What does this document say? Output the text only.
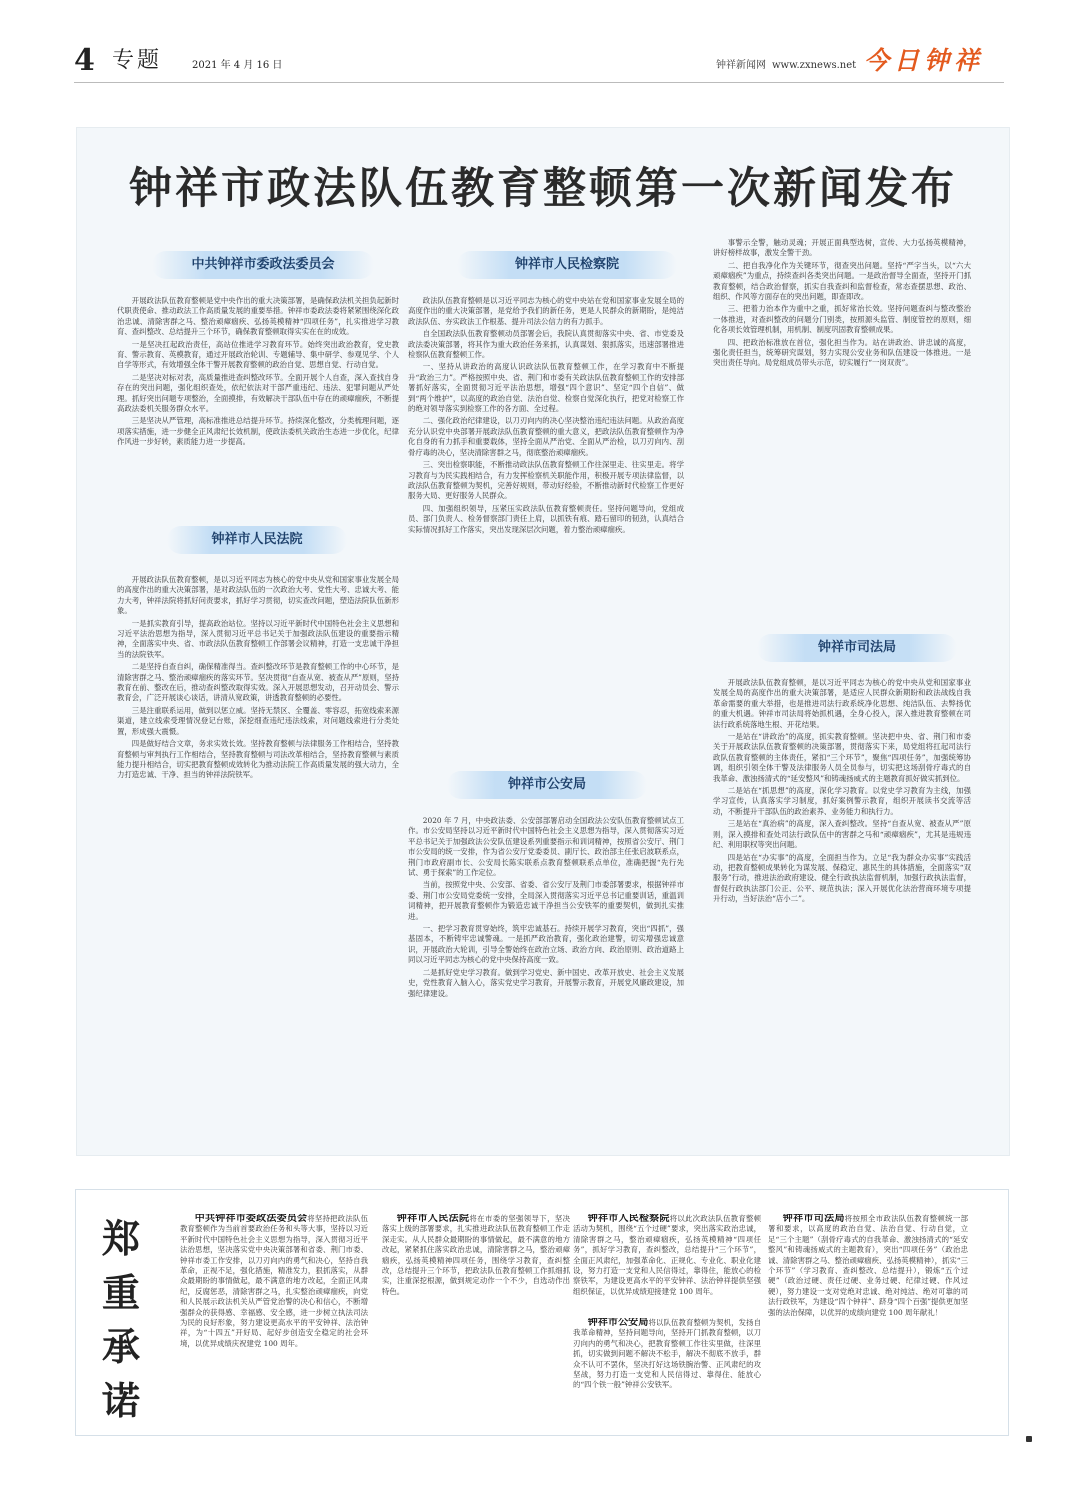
4 专题	2021 年 4 月 16 日	钟祥新闻网 www.zxnews.net 今日钟祥
钟祥市政法队伍教育整顿第一次新闻发布
中共钟祥市委政法委员会

开展政法队伍教育整顿是党中央作出的重大决策部署，是确保政法机关担负起新时代职责使命、推动政法工作高质量发展的重要举措。钟祥市委政法委将紧紧围绕深化政治忠诚、清除害群之马、整治顽瘴痼疾、弘扬英模精神“四项任务”，扎实推进学习教育、查纠整改、总结提升三个环节，确保教育整顿取得实实在在的成效。

一是坚决扛起政治责任，高站位推进学习教育环节。始终突出政治教育，党史教育、警示教育、英模教育，通过开展政治轮训、专题辅导、集中研学、参观见学、个人自学等形式，有效增强全体干警开展教育整顿的政治自觉、思想自觉、行动自觉。

二是坚决对标对表，高质量推进查纠整改环节。全面开展个人自查，深入查找自身存在的突出问题，强化组织查处，依纪依法对干部严重违纪、违法、犯罪问题从严处理。抓好突出问题专项整治，全面摸排，有效解决干部队伍中存在的顽瘴痼疾，不断提高政法委机关服务群众水平。

三是坚决从严管理，高标准推进总结提升环节。持续深化整改，分类梳理问题，逐项落实措施，进一步健全正风肃纪长效机制，使政法委机关政治生态进一步优化，纪律作风进一步好转，素质能力进一步提高。

钟祥市人民法院

开展政法队伍教育整顿，是以习近平同志为核心的党中央从党和国家事业发展全局的高度作出的重大决策部署，是对政法队伍的一次政治大考、党性大考、忠诚大考、能力大考，钟祥法院将抓好问责要求，抓好学习贯彻，切实查改问题，塑造法院队伍新形象。

一是抓实教育引导，提高政治站位。坚持以习近平新时代中国特色社会主义思想和习近平法治思想为指导，深入贯彻习近平总书记关于加强政法队伍建设的重要指示精神，全面落实中央、省、市政法队伍教育整顿工作部署会议精神，打造一支忠诚干净担当的法院铁军。

二是坚持自查自纠，确保精准得当。查纠整改环节是教育整顿工作的中心环节，是清除害群之马、整治顽瘴痼疾的落实环节。坚决贯彻“自查从宽、被查从严”原则，坚持教育在前、整改在后，推动查纠整改取得实效。深入开展思想发动，召开动员会、警示教育会，广泛开展谈心谈话，讲清从宽政策，讲透教育整顿的必要性。

三是注重联系运用，做到以惩立威。坚持无禁区、全覆盖、零容忍，拓宽线索来源渠道，建立线索受理情况登记台账，深挖细查违纪违法线索，对问题线索进行分类处置，形成强大震慑。

四是做好结合文章，务求实效长效。坚持教育整顿与法律服务工作相结合，坚持教育整顿与审判执行工作相结合，坚持教育整顿与司法改革相结合，坚持教育整顿与素质能力提升相结合，切实把教育整顿成效转化为推动法院工作高质量发展的强大动力，全力打造忠诚、干净、担当的钟祥法院铁军。

钟祥市人民检察院

政法队伍教育整顿是以习近平同志为核心的党中央站在党和国家事业发展全局的高度作出的重大决策部署，是党给予我们的新任务，更是人民群众的新期盼，是纯洁政法队伍、夯实政法工作根基、提升司法公信力的有力抓手。

自全国政法队伍教育整顿动员部署会后，我院认真贯彻落实中央、省、市党委及政法委决策部署，将其作为重大政治任务来抓，认真谋划、狠抓落实，迅速部署推进检察队伍教育整顿工作。

一、坚持从讲政治的高度认识政法队伍教育整顿工作，在学习教育中不断提升“政治三力”。严格按照中央、省、荆门和市委有关政法队伍教育整顿工作的安排部署抓好落实，全面贯彻习近平法治思想，增强“四个意识”、坚定“四个自信”、做到“两个维护”，以高度的政治自觉、法治自觉、检察自觉深化执行，把党对检察工作的绝对领导落实到检察工作的各方面、全过程。

二、强化政治纪律建设，以刀刃向内的决心坚决整治违纪违法问题。从政治高度充分认识党中央部署开展政法队伍教育整顿的重大意义，把政法队伍教育整顿作为净化自身的有力抓手和重要载体，坚持全面从严治党、全面从严治检，以刀刃向内、刮骨疗毒的决心，坚决清除害群之马，彻底整治顽瘴痼疾。

三、突出检察职能，不断推动政法队伍教育整顿工作往深里走、往实里走。将学习教育与为民实践相结合，有力发挥检察机关职能作用，积极开展专项法律监督，以政法队伍教育整顿为契机，完善好规则，带动好经验，不断推动新时代检察工作更好服务大局、更好服务人民群众。

四、加强组织领导，压紧压实政法队伍教育整顿责任。坚持问题导向，党组成员、部门负责人、检务督察部门责任上肩，以抓铁有痕、踏石留印的韧劲，认真结合实际情况抓好工作落实，突出发现深层次问题，着力整治顽瘴痼疾。

钟祥市公安局

2020 年 7 月，中央政法委、公安部部署启动全国政法公安队伍教育整顿试点工作。市公安局坚持以习近平新时代中国特色社会主义思想为指导，深入贯彻落实习近平总书记关于加强政法公安队伍建设系列重要指示和训词精神，按照省公安厅、荆门市公安局的统一安排，作为省公安厅党委委员、副厅长、政治部主任张启波联系点，荆门市政府副市长、公安局长陈实联系点教育整顿联系点单位，准确把握“先行先试、勇于探索”的工作定位。

当前，按照党中央、公安部、省委、省公安厅及荆门市委部署要求，根据钟祥市委、荆门市公安局党委统一安排，全局深入贯彻落实习近平总书记重要训话，重温训词精神，把开展教育整顿作为锻造忠诚干净担当公安铁军的重要契机，做到扎实推进。

一、把学习教育贯穿始终，筑牢忠诚基石。持续开展学习教育，突出“四抓”，强基固本，不断铸牢忠诚警魂。一是抓严政治教育，强化政治建警，切实增强忠诚意识，开展政治大轮训，引导全警始终在政治立场、政治方向、政治原则、政治道路上同以习近平同志为核心的党中央保持高度一致。

二是抓好党史学习教育。做到学习党史、新中国史、改革开放史、社会主义发展史，党性教育入脑入心，落实党史学习教育，开展警示教育，开展党风廉政建设，加强纪律建设。

事警示全警，触动灵魂；开展正面典型选树，宣传、大力弘扬英模精神，讲好榜样故事，激发全警干劲。

二、把自我净化作为关键环节，彻查突出问题。坚持“严字当头，以“六大顽瘴痼疾”为重点，持续查纠各类突出问题。一是政治督导全面查，坚持开门抓教育整顿，结合政治督察，抓实自我查纠和监督检查，常态查摆思想、政治、组织、作风等方面存在的突出问题，即查即改。

三、把着力治本作为重中之重，抓好常治长效。坚持问题查纠与整改整治一体推进，对查纠整改的问题分门别类，按照源头监管、制度管控的原则，细化各项长效管理机制，用机制、制度巩固教育整顿成果。

四、把政治标准放在首位，强化担当作为。站在讲政治、讲忠诚的高度，强化责任担当，统筹研究谋划，努力实现公安业务和队伍建设一体推进。一是突出责任导向。局党组成员带头示范，切实履行“一岗双责”。

钟祥市司法局

开展政法队伍教育整顿，是以习近平同志为核心的党中央从党和国家事业发展全局的高度作出的重大决策部署，是适应人民群众新期盼和政法战线自我革命需要的重大举措，也是推进司法行政系统净化思想、纯洁队伍、去弊扬优的重大机遇。钟祥市司法局将始抓机遇，全身心投入，深入推进教育整顿在司法行政系统落地生根、开花结果。

一是站在“讲政治”的高度，抓实教育整顿。坚决把中央、省、荆门和市委关于开展政法队伍教育整顿的决策部署，贯彻落实下来，局党组将扛起司法行政队伍教育整顿的主体责任，紧扣“三个环节”，聚焦“四项任务”，加强统筹协调，组织引领全体干警及法律服务人员全员参与，切实把这场刮骨疗毒式的自我革命、激浊扬清式的“延安整风”和铸魂扬威式的主题教育抓好做实抓到位。

二是站在“抓思想”的高度，深化学习教育。以党史学习教育为主线，加强学习宣传，认真落实学习制度，抓好案例警示教育，组织开展读书交流等活动，不断提升干部队伍的政治素养、业务能力和执行力。

三是站在“真治病”的高度，深入查纠整改。坚持“自查从宽、被查从严”原则，深入摸排和查处司法行政队伍中的害群之马和“顽瘴痼疾”，尤其是违规违纪、利用职权等突出问题。

四是站在“办实事”的高度，全面担当作为。立足“我为群众办实事”实践活动，把教育整顿成果转化为谋发展、保稳定、惠民生的具体措施，全面落实“双服务”行动，推进法治政府建设、健全行政执法监督机制，加强行政执法监督，督促行政执法部门公正、公平、规范执法；深入开展优化法治营商环境专项提升行动，当好法治“店小二”。

郑重承诺

中共钟祥市委政法委员会将坚持把政法队伍教育整顿作为当前首要政治任务和头等大事，坚持以习近平新时代中国特色社会主义思想为指导，深入贯彻习近平法治思想，坚决落实党中央决策部署和省委、荆门市委、钟祥市委工作安排，以刀刃向内的勇气和决心，坚持自我革命，正视不足，强化措施，精准发力，狠抓落实，从群众最期盼的事情做起，最不满意的地方改起，全面正风肃纪，反腐惩恶，清除害群之马，扎实整治顽瘴痼疾，向党和人民展示政法机关从严管党治警的决心和信心，不断增强群众的获得感、幸福感、安全感，进一步树立执法司法为民的良好形象，努力建设更高水平的平安钟祥、法治钟祥，为“十四五”开好局、起好步创造安全稳定的社会环境，以优异成绩庆祝建党 100 周年。

钟祥市人民法院将在市委的坚强领导下，坚决落实上级的部署要求，扎实推进政法队伍教育整顿工作走深走实。从人民群众最期盼的事情做起，最不满意的地方改起，紧紧抓住落实政治忠诚，清除害群之马，整治顽瘴痼疾，弘扬英模精神四项任务，围绕学习教育，查纠整改，总结提升三个环节，把政法队伍教育整顿工作抓细抓实，注重深挖根源，做到规定动作一个不少，自选动作出特色。

钟祥市人民检察院将以此次政法队伍教育整顿活动为契机，围绕“五个过硬”要求，突出落实政治忠诚，清除害群之马，整治顽瘴痼疾，弘扬英模精神“四项任务”，抓好学习教育，查纠整改，总结提升“三个环节”，全面正风肃纪，加强革命化、正规化、专业化、职业化建设，努力打造一支党和人民信得过，靠得住，能放心的检察铁军，为建设更高水平的平安钟祥、法治钟祥提供坚强组织保证，以优异成绩迎接建党 100 周年。

钟祥市公安局将以队伍教育整顿为契机，发扬自我革命精神，坚持问题导向，坚持开门抓教育整顿，以刀刃向内的勇气和决心，把教育整顿工作往实里做，往深里抓，切实做到问题不解决不松手，解决不彻底不放手，群众不认可不罢休，坚决打好这场铁腕治警、正风肃纪的攻坚战，努力打造一支党和人民信得过、靠得住、能放心的“四个铁一般”钟祥公安铁军。

钟祥市司法局将按照全市政法队伍教育整顿统一部署和要求，以高度的政治自觉、法治自觉、行动自觉，立足“三个主题”（刮骨疗毒式的自我革命、激浊扬清式的“延安整风”和铸魂扬威式的主题教育），突出“四项任务”（政治忠诚、清除害群之马、整治顽瘴痼疾、弘扬英模精神），抓实“三个环节”（学习教育、查纠整改、总结提升），锻炼“五个过硬”（政治过硬、责任过硬、业务过硬、纪律过硬、作风过硬），努力建设一支对党绝对忠诚、绝对纯洁、绝对可靠的司法行政铁军，为建设“四个钟祥”、跻身“四个百强”提供更加坚强的法治保障，以优异的成绩向建党 100 周年献礼！
